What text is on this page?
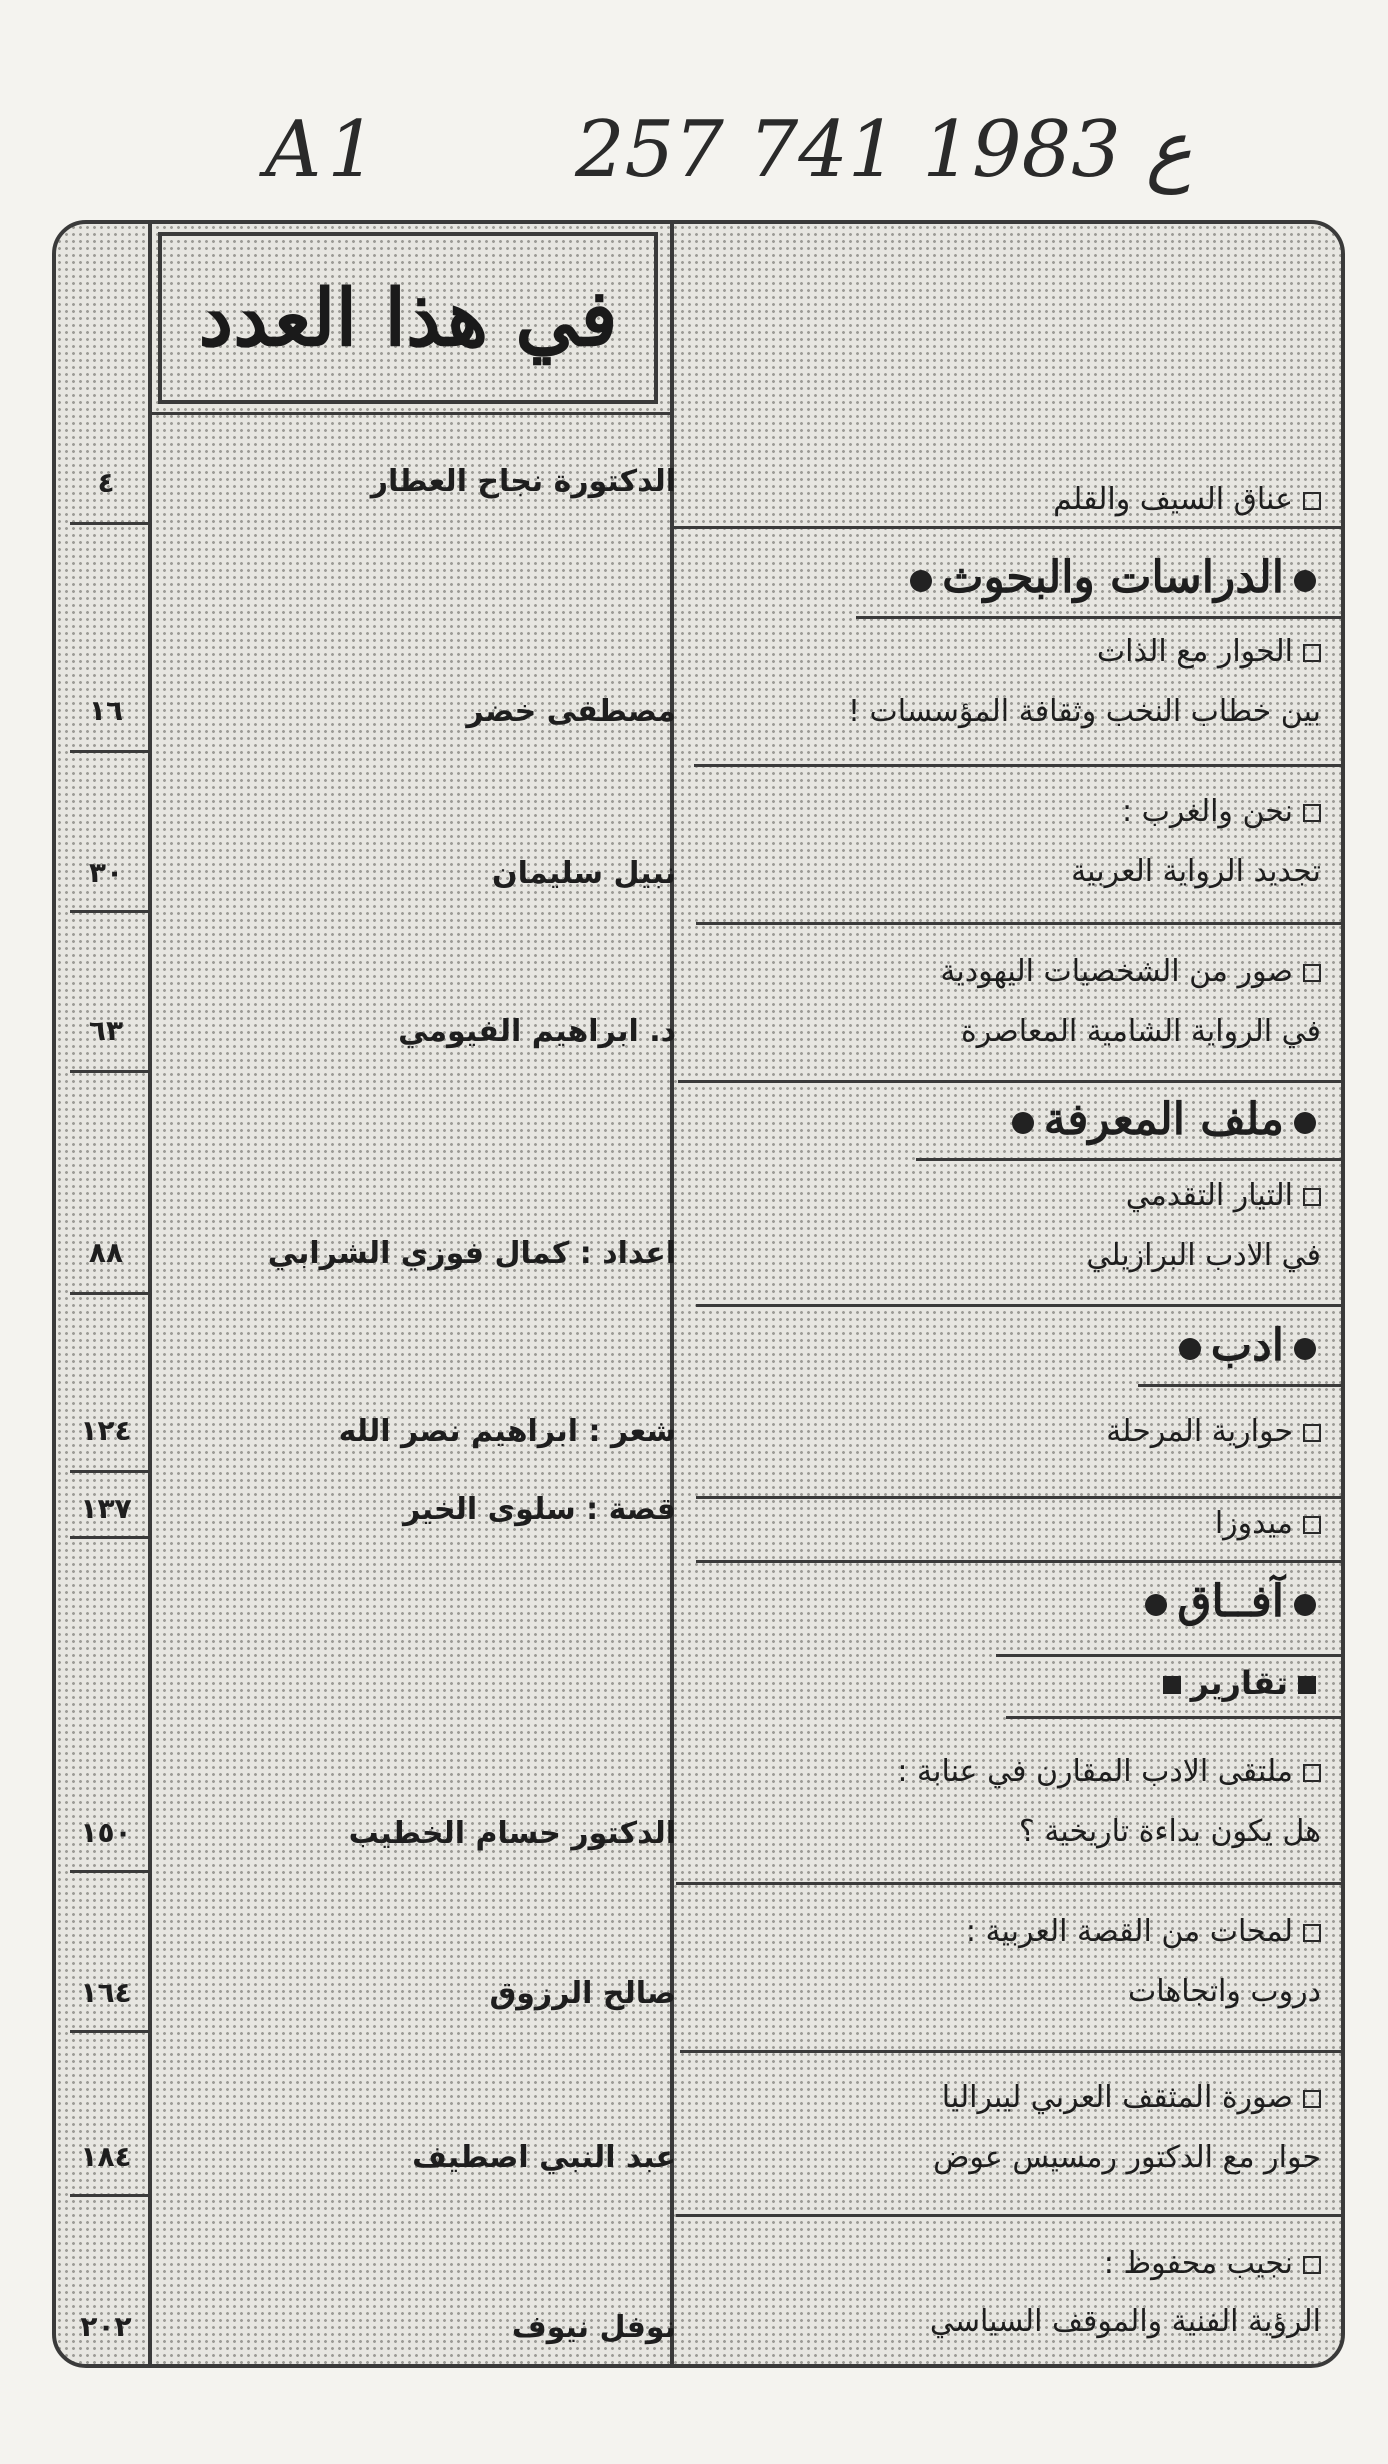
A1 257 ع 1983 741
في هذا العدد
عناق السيف والقلم
الدكتورة نجاح العطار
٤
الدراسات والبحوث
الحوار مع الذات
بين خطاب النخب وثقافة المؤسسات !
مصطفى خضر
١٦
نحن والغرب :
تجديد الرواية العربية
نبيل سليمان
٣٠
صور من الشخصيات اليهودية
في الرواية الشامية المعاصرة
د. ابراهيم الفيومي
٦٣
ملف المعرفة
التيار التقدمي
في الادب البرازيلي
اعداد : كمال فوزي الشرابي
٨٨
ادب
حوارية المرحلة
شعر : ابراهيم نصر الله
١٢٤
ميدوزا
قصة : سلوى الخير
١٣٧
آفــاق
تقارير
ملتقى الادب المقارن في عنابة :
هل يكون بداءة تاريخية ؟
الدكتور حسام الخطيب
١٥٠
لمحات من القصة العربية :
دروب واتجاهات
صالح الرزوق
١٦٤
صورة المثقف العربي ليبراليا
حوار مع الدكتور رمسيس عوض
عبد النبي اصطيف
١٨٤
نجيب محفوظ :
الرؤية الفنية والموقف السياسي
نوفل نيوف
٢٠٢
